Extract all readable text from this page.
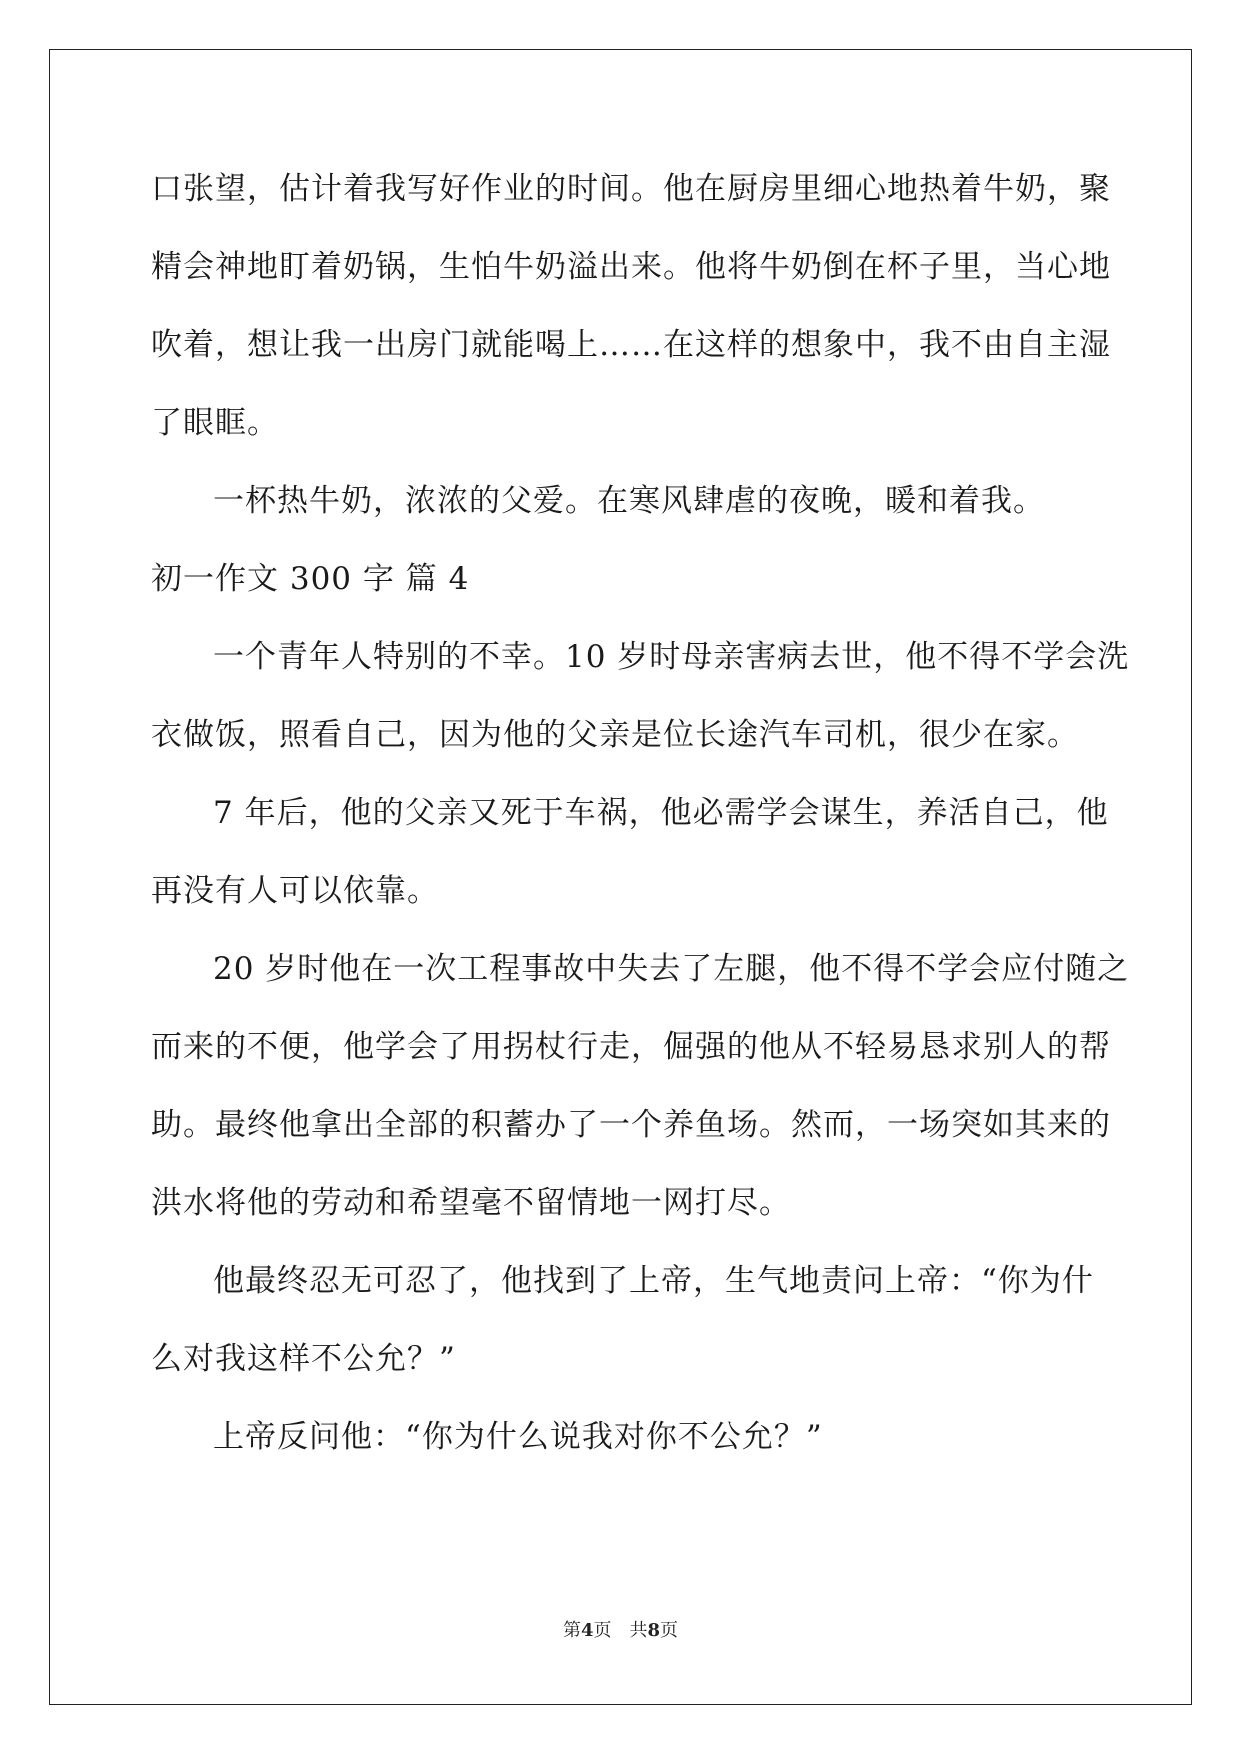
口张望，估计着我写好作业的时间。他在厨房里细心地热着牛奶，聚
精会神地盯着奶锅，生怕牛奶溢出来。他将牛奶倒在杯子里，当心地
吹着，想让我一出房门就能喝上……在这样的想象中，我不由自主湿
了眼眶。
一杯热牛奶，浓浓的父爱。在寒风肆虐的夜晚，暖和着我。
初一作文 300 字 篇 4
一个青年人特别的不幸。10 岁时母亲害病去世，他不得不学会洗
衣做饭，照看自己，因为他的父亲是位长途汽车司机，很少在家。
7 年后，他的父亲又死于车祸，他必需学会谋生，养活自己，他
再没有人可以依靠。
20 岁时他在一次工程事故中失去了左腿，他不得不学会应付随之
而来的不便，他学会了用拐杖行走，倔强的他从不轻易恳求别人的帮
助。最终他拿出全部的积蓄办了一个养鱼场。然而，一场突如其来的
洪水将他的劳动和希望毫不留情地一网打尽。
他最终忍无可忍了，他找到了上帝，生气地责问上帝：“你为什
么对我这样不公允？”
上帝反问他：“你为什么说我对你不公允？”
第4页 共8页
